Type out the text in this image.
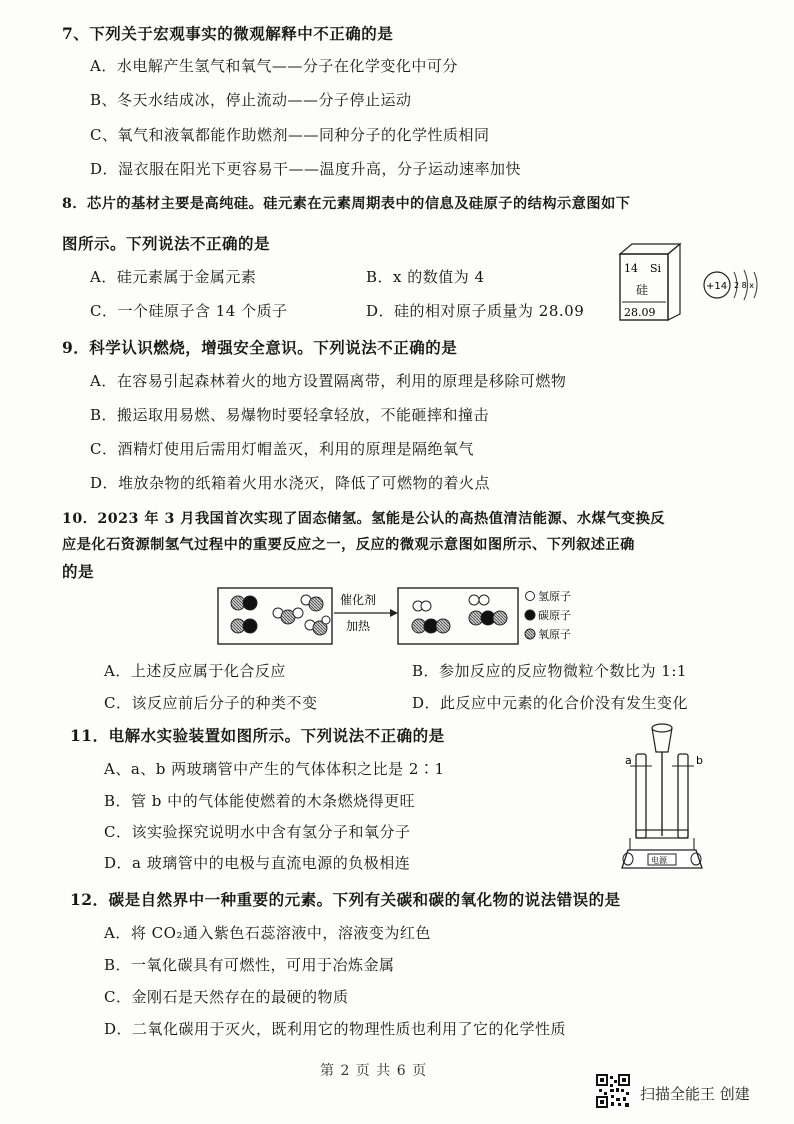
7、下列关于宏观事实的微观解释中不正确的是
A．水电解产生氢气和氧气——分子在化学变化中可分
B、冬天水结成冰，停止流动——分子停止运动
C、氧气和液氧都能作助燃剂——同种分子的化学性质相同
D．湿衣服在阳光下更容易干——温度升高，分子运动速率加快
8．芯片的基材主要是高纯硅。硅元素在元素周期表中的信息及硅原子的结构示意图如下
图所示。下列说法不正确的是
A．硅元素属于金属元素	B．x 的数值为 4
C．一个硅原子含 14 个质子	D．硅的相对原子质量为 28.09
14 Si
硅
28.09
+14 2 8 x
9．科学认识燃烧，增强安全意识。下列说法不正确的是
A．在容易引起森林着火的地方设置隔离带，利用的原理是移除可燃物
B．搬运取用易燃、易爆物时要轻拿轻放，不能砸摔和撞击
C．酒精灯使用后需用灯帽盖灭，利用的原理是隔绝氧气
D．堆放杂物的纸箱着火用水浇灭，降低了可燃物的着火点
10．2023 年 3 月我国首次实现了固态储氢。氢能是公认的高热值清洁能源、水煤气变换反
应是化石资源制氢气过程中的重要反应之一，反应的微观示意图如图所示、下列叙述正确
的是
催化剂
加热
氢原子
碳原子
氧原子
A．上述反应属于化合反应	B．参加反应的反应物微粒个数比为 1:1
C．该反应前后分子的种类不变	D．此反应中元素的化合价没有发生变化
11．电解水实验装置如图所示。下列说法不正确的是
A、a、b 两玻璃管中产生的气体体积之比是 2∶1
B．管 b 中的气体能使燃着的木条燃烧得更旺
C．该实验探究说明水中含有氢分子和氧分子
D．a 玻璃管中的电极与直流电源的负极相连
a	b
电源
12．碳是自然界中一种重要的元素。下列有关碳和碳的氧化物的说法错误的是
A．将 CO₂通入紫色石蕊溶液中，溶液变为红色
B．一氧化碳具有可燃性，可用于冶炼金属
C．金刚石是天然存在的最硬的物质
D．二氧化碳用于灭火，既利用它的物理性质也利用了它的化学性质
第 2 页 共 6 页
扫描全能王 创建
